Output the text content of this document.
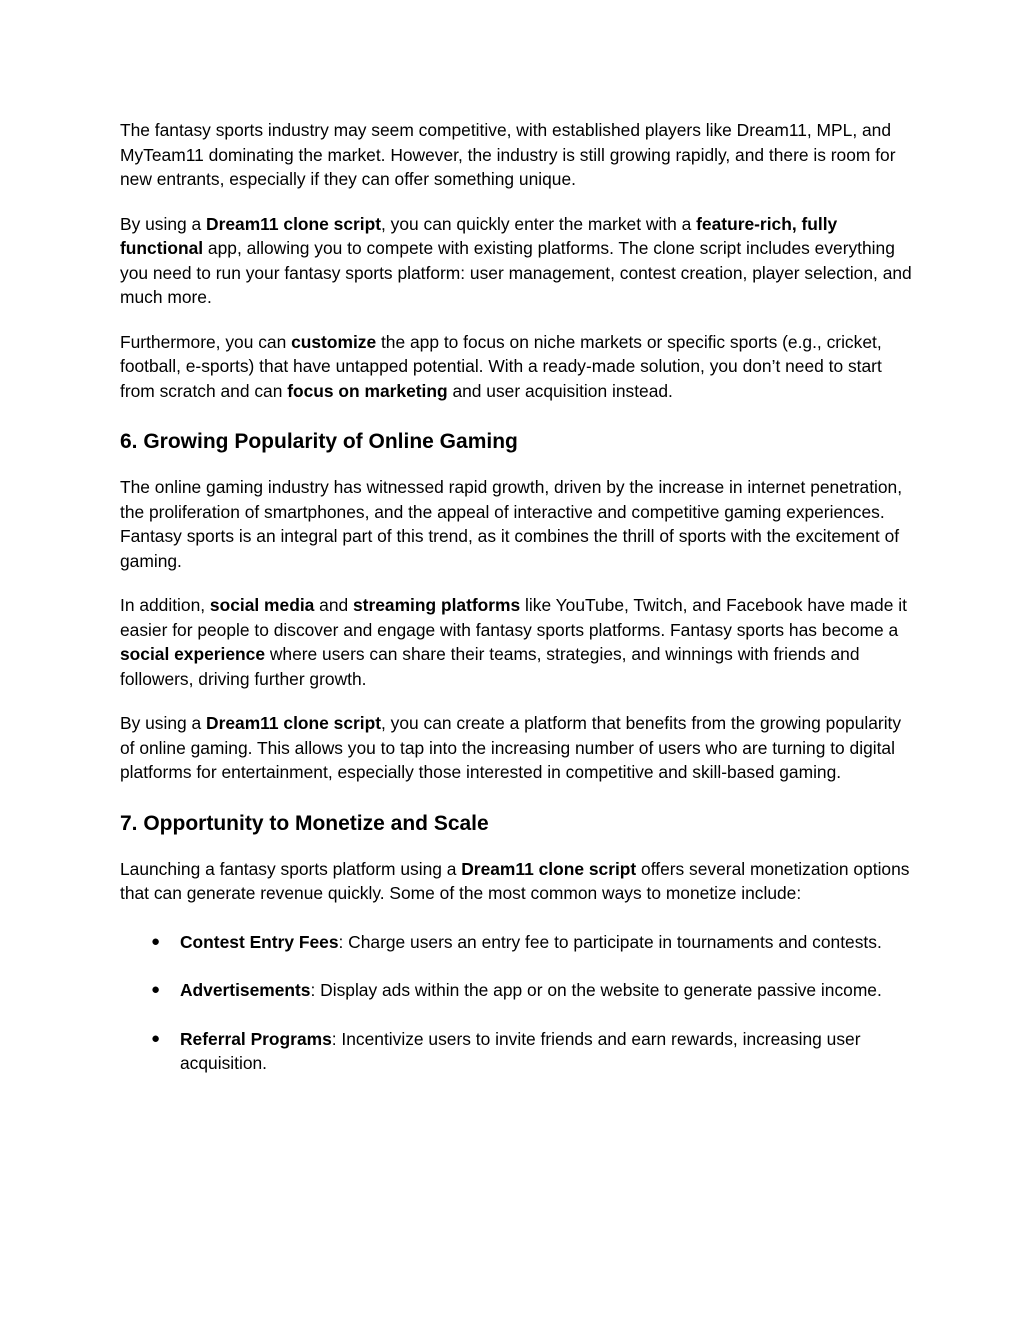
The fantasy sports industry may seem competitive, with established players like Dream11, MPL, and MyTeam11 dominating the market. However, the industry is still growing rapidly, and there is room for new entrants, especially if they can offer something unique.

By using a Dream11 clone script, you can quickly enter the market with a feature-rich, fully functional app, allowing you to compete with existing platforms. The clone script includes everything you need to run your fantasy sports platform: user management, contest creation, player selection, and much more.

Furthermore, you can customize the app to focus on niche markets or specific sports (e.g., cricket, football, e-sports) that have untapped potential. With a ready-made solution, you don’t need to start from scratch and can focus on marketing and user acquisition instead.

6. Growing Popularity of Online Gaming

The online gaming industry has witnessed rapid growth, driven by the increase in internet penetration, the proliferation of smartphones, and the appeal of interactive and competitive gaming experiences. Fantasy sports is an integral part of this trend, as it combines the thrill of sports with the excitement of gaming.

In addition, social media and streaming platforms like YouTube, Twitch, and Facebook have made it easier for people to discover and engage with fantasy sports platforms. Fantasy sports has become a social experience where users can share their teams, strategies, and winnings with friends and followers, driving further growth.

By using a Dream11 clone script, you can create a platform that benefits from the growing popularity of online gaming. This allows you to tap into the increasing number of users who are turning to digital platforms for entertainment, especially those interested in competitive and skill-based gaming.

7. Opportunity to Monetize and Scale

Launching a fantasy sports platform using a Dream11 clone script offers several monetization options that can generate revenue quickly. Some of the most common ways to monetize include:

● Contest Entry Fees: Charge users an entry fee to participate in tournaments and contests.
● Advertisements: Display ads within the app or on the website to generate passive income.
● Referral Programs: Incentivize users to invite friends and earn rewards, increasing user acquisition.
